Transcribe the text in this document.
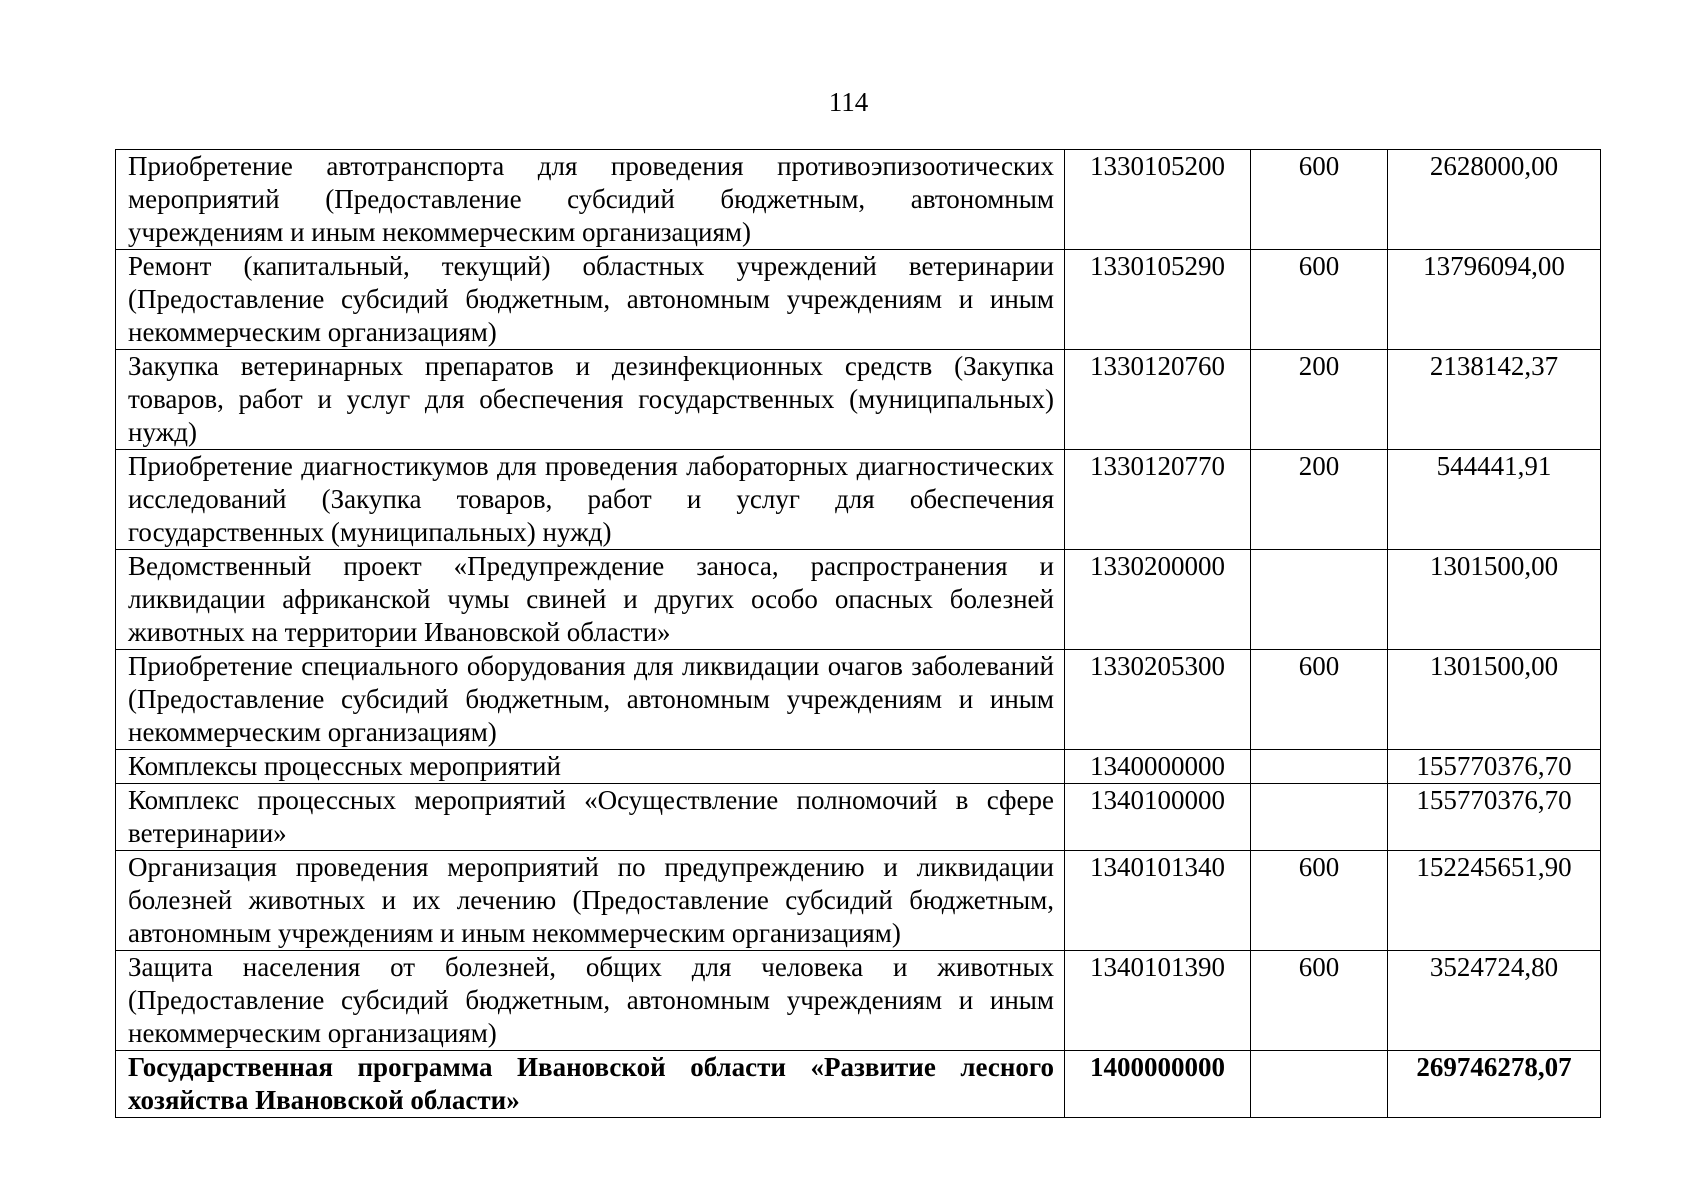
114
Приобретение автотранспорта для проведения противоэпизоотических мероприятий (Предоставление субсидий бюджетным, автономным учреждениям и иным некоммерческим организациям)	1330105200	600	2628000,00
Ремонт (капитальный, текущий) областных учреждений ветеринарии (Предоставление субсидий бюджетным, автономным учреждениям и иным некоммерческим организациям)	1330105290	600	13796094,00
Закупка ветеринарных препаратов и дезинфекционных средств (Закупка товаров, работ и услуг для обеспечения государственных (муниципальных) нужд)	1330120760	200	2138142,37
Приобретение диагностикумов для проведения лабораторных диагностических исследований (Закупка товаров, работ и услуг для обеспечения государственных (муниципальных) нужд)	1330120770	200	544441,91
Ведомственный проект «Предупреждение заноса, распространения и ликвидации африканской чумы свиней и других особо опасных болезней животных на территории Ивановской области»	1330200000		1301500,00
Приобретение специального оборудования для ликвидации очагов заболеваний (Предоставление субсидий бюджетным, автономным учреждениям и иным некоммерческим организациям)	1330205300	600	1301500,00
Комплексы процессных мероприятий	1340000000		155770376,70
Комплекс процессных мероприятий «Осуществление полномочий в сфере ветеринарии»	1340100000		155770376,70
Организация проведения мероприятий по предупреждению и ликвидации болезней животных и их лечению (Предоставление субсидий бюджетным, автономным учреждениям и иным некоммерческим организациям)	1340101340	600	152245651,90
Защита населения от болезней, общих для человека и животных (Предоставление субсидий бюджетным, автономным учреждениям и иным некоммерческим организациям)	1340101390	600	3524724,80
Государственная программа Ивановской области «Развитие лесного хозяйства Ивановской области»	1400000000		269746278,07
